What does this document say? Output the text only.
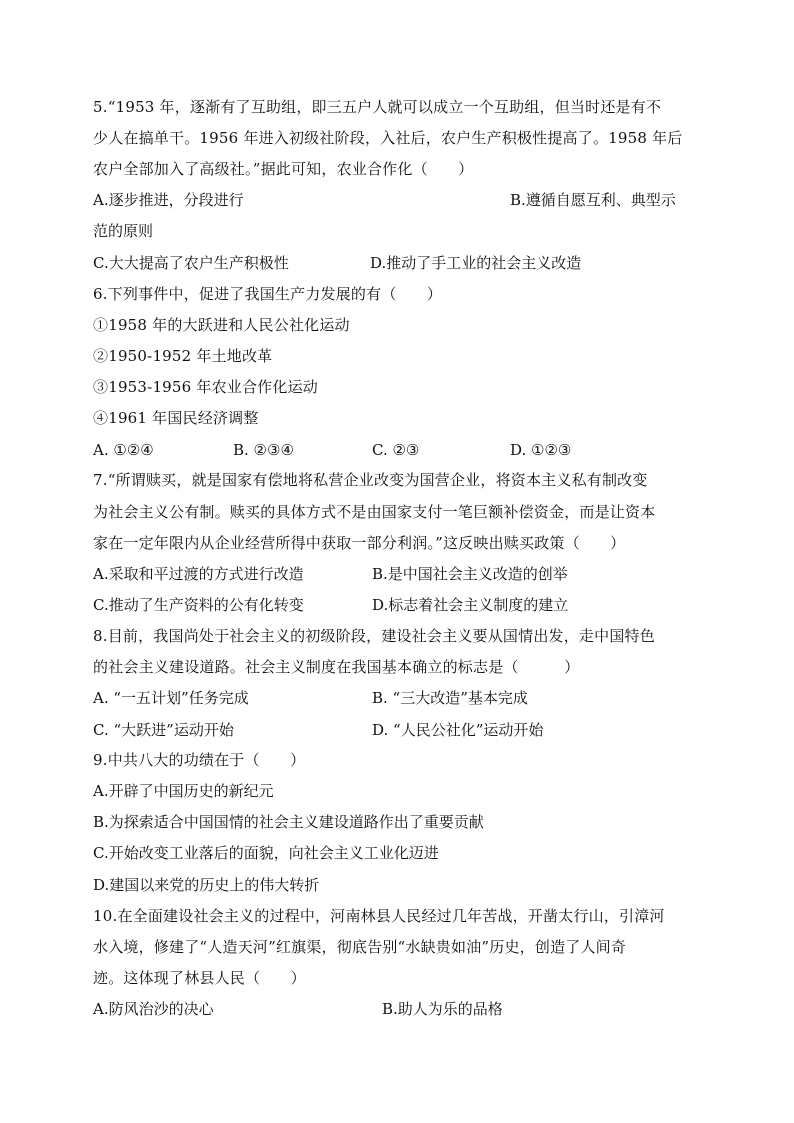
5.“1953 年，逐渐有了互助组，即三五户人就可以成立一个互助组，但当时还是有不
少人在搞单干。1956 年进入初级社阶段，入社后，农户生产积极性提高了。1958 年后
农户全部加入了高级社。”据此可知，农业合作化（　　）
A.逐步推进，分段进行	B.遵循自愿互利、典型示
范的原则
C.大大提高了农户生产积极性	D.推动了手工业的社会主义改造
6.下列事件中，促进了我国生产力发展的有（　　）
①1958 年的大跃进和人民公社化运动
②1950-1952 年土地改革
③1953-1956 年农业合作化运动
④1961 年国民经济调整
A. ①②④	B. ②③④	C. ②③	D. ①②③
7.“所谓赎买，就是国家有偿地将私营企业改变为国营企业，将资本主义私有制改变
为社会主义公有制。赎买的具体方式不是由国家支付一笔巨额补偿资金，而是让资本
家在一定年限内从企业经营所得中获取一部分利润。”这反映出赎买政策（　　）
A.采取和平过渡的方式进行改造	B.是中国社会主义改造的创举
C.推动了生产资料的公有化转变	D.标志着社会主义制度的建立
8.目前，我国尚处于社会主义的初级阶段，建设社会主义要从国情出发，走中国特色
的社会主义建设道路。社会主义制度在我国基本确立的标志是（　　　）
A. “一五计划”任务完成	B. “三大改造”基本完成
C. “大跃进”运动开始	D. “人民公社化”运动开始
9.中共八大的功绩在于（　　）
A.开辟了中国历史的新纪元
B.为探索适合中国国情的社会主义建设道路作出了重要贡献
C.开始改变工业落后的面貌，向社会主义工业化迈进
D.建国以来党的历史上的伟大转折
10.在全面建设社会主义的过程中，河南林县人民经过几年苦战，开凿太行山，引漳河
水入境，修建了“人造天河”红旗渠，彻底告别“水缺贵如油”历史，创造了人间奇
迹。这体现了林县人民（　　）
A.防风治沙的决心	B.助人为乐的品格
